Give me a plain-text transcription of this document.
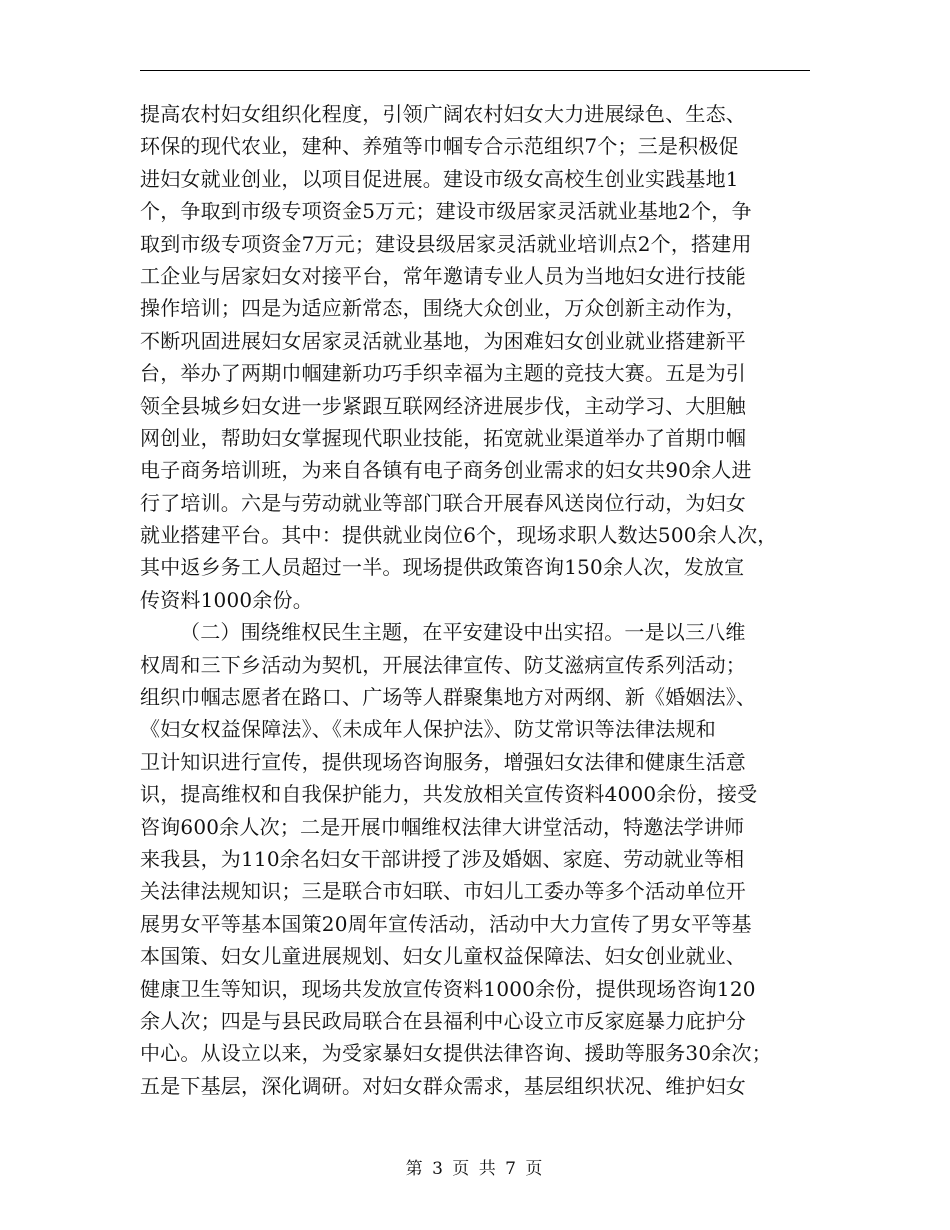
提高农村妇女组织化程度，引领广阔农村妇女大力进展绿色、生态、
环保的现代农业，建种、养殖等巾帼专合示范组织7个；三是积极促
进妇女就业创业，以项目促进展。建设市级女高校生创业实践基地1
个，争取到市级专项资金5万元；建设市级居家灵活就业基地2个，争
取到市级专项资金7万元；建设县级居家灵活就业培训点2个，搭建用
工企业与居家妇女对接平台，常年邀请专业人员为当地妇女进行技能
操作培训；四是为适应新常态，围绕大众创业，万众创新主动作为，
不断巩固进展妇女居家灵活就业基地，为困难妇女创业就业搭建新平
台，举办了两期巾帼建新功巧手织幸福为主题的竞技大赛。五是为引
领全县城乡妇女进一步紧跟互联网经济进展步伐，主动学习、大胆触
网创业，帮助妇女掌握现代职业技能，拓宽就业渠道举办了首期巾帼
电子商务培训班，为来自各镇有电子商务创业需求的妇女共90余人进
行了培训。六是与劳动就业等部门联合开展春风送岗位行动，为妇女
就业搭建平台。其中：提供就业岗位6个，现场求职人数达500余人次，
其中返乡务工人员超过一半。现场提供政策咨询150余人次，发放宣
传资料1000余份。
（二）围绕维权民生主题，在平安建设中出实招。一是以三八维
权周和三下乡活动为契机，开展法律宣传、防艾滋病宣传系列活动；
组织巾帼志愿者在路口、广场等人群聚集地方对两纲、新《婚姻法》、
《妇女权益保障法》、《未成年人保护法》、防艾常识等法律法规和
卫计知识进行宣传，提供现场咨询服务，增强妇女法律和健康生活意
识，提高维权和自我保护能力，共发放相关宣传资料4000余份，接受
咨询600余人次；二是开展巾帼维权法律大讲堂活动，特邀法学讲师
来我县，为110余名妇女干部讲授了涉及婚姻、家庭、劳动就业等相
关法律法规知识；三是联合市妇联、市妇儿工委办等多个活动单位开
展男女平等基本国策20周年宣传活动，活动中大力宣传了男女平等基
本国策、妇女儿童进展规划、妇女儿童权益保障法、妇女创业就业、
健康卫生等知识，现场共发放宣传资料1000余份，提供现场咨询120
余人次；四是与县民政局联合在县福利中心设立市反家庭暴力庇护分
中心。从设立以来，为受家暴妇女提供法律咨询、援助等服务30余次；
五是下基层，深化调研。对妇女群众需求，基层组织状况、维护妇女
第 3 页 共 7 页
